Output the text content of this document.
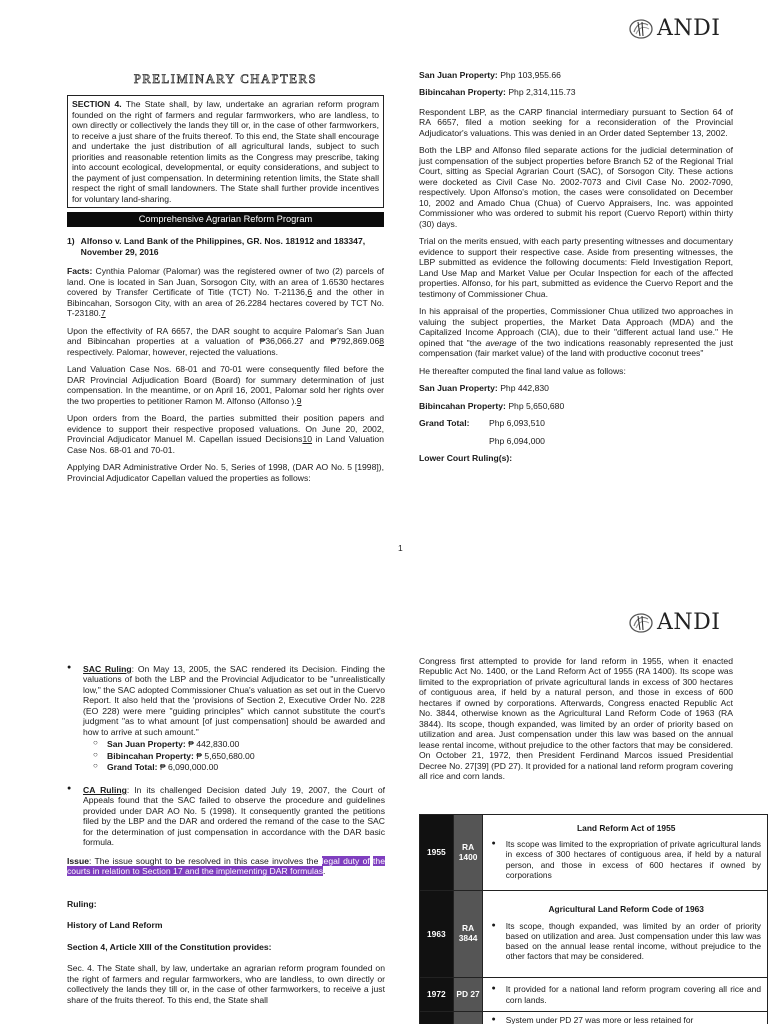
ANDI
PRELIMINARY CHAPTERS
SECTION 4. The State shall, by law, undertake an agrarian reform program founded on the right of farmers and regular farmworkers, who are landless, to own directly or collectively the lands they till or, in the case of other farmworkers, to receive a just share of the fruits thereof. To this end, the State shall encourage and undertake the just distribution of all agricultural lands, subject to such priorities and reasonable retention limits as the Congress may prescribe, taking into account ecological, developmental, or equity considerations, and subject to the payment of just compensation. In determining retention limits, the State shall respect the right of small landowners. The State shall further provide incentives for voluntary land-sharing.
Comprehensive Agrarian Reform Program
1) Alfonso v. Land Bank of the Philippines, GR. Nos. 181912 and 183347, November 29, 2016

Facts: Cynthia Palomar (Palomar) was the registered owner of two (2) parcels of land. One is located in San Juan, Sorsogon City, with an area of 1.6530 hectares covered by Transfer Certificate of Title (TCT) No. T-21136,6 and the other in Bibincahan, Sorsogon City, with an area of 26.2284 hectares covered by TCT No. T-23180.7

Upon the effectivity of RA 6657, the DAR sought to acquire Palomar's San Juan and Bibincahan properties at a valuation of ₱36,066.27 and ₱792,869.068 respectively. Palomar, however, rejected the valuations.

Land Valuation Case Nos. 68-01 and 70-01 were consequently filed before the DAR Provincial Adjudication Board (Board) for summary determination of just compensation. In the meantime, or on April 16, 2001, Palomar sold her rights over the two properties to petitioner Ramon M. Alfonso (Alfonso ).9

Upon orders from the Board, the parties submitted their position papers and evidence to support their respective proposed valuations. On June 20, 2002, Provincial Adjudicator Manuel M. Capellan issued Decisions10 in Land Valuation Case Nos. 68-01 and 70-01.

Applying DAR Administrative Order No. 5, Series of 1998, (DAR AO No. 5 [1998]), Provincial Adjudicator Capellan valued the properties as follows:

San Juan Property: Php 103,955.66

Bibincahan Property: Php 2,314,115.73

Respondent LBP, as the CARP financial intermediary pursuant to Section 64 of RA 6657, filed a motion seeking for a reconsideration of the Provincial Adjudicator's valuations. This was denied in an Order dated September 13, 2002.

Both the LBP and Alfonso filed separate actions for the judicial determination of just compensation of the subject properties before Branch 52 of the Regional Trial Court, sitting as Special Agrarian Court (SAC), of Sorsogon City. These actions were docketed as Civil Case No. 2002-7073 and Civil Case No. 2002-7090, respectively. Upon Alfonso's motion, the cases were consolidated on December 10, 2002 and Amado Chua (Chua) of Cuervo Appraisers, Inc. was appointed Commissioner who was ordered to submit his report (Cuervo Report) within thirty (30) days.

Trial on the merits ensued, with each party presenting witnesses and documentary evidence to support their respective case. Aside from presenting witnesses, the LBP submitted as evidence the following documents: Field Investigation Report, Land Use Map and Market Value per Ocular Inspection for each of the affected properties. Alfonso, for his part, submitted as evidence the Cuervo Report and the testimony of Commissioner Chua.

In his appraisal of the properties, Commissioner Chua utilized two approaches in valuing the subject properties, the Market Data Approach (MDA) and the Capitalized Income Approach (CIA), due to their "different actual land use." He opined that "the average of the two indications reasonably represented the just compensation (fair market value) of the land with productive coconut trees"

He thereafter computed the final land value as follows:

San Juan Property: Php 442,830

Bibincahan Property: Php 5,650,680

Grand Total:	Php 6,093,510
Php 6,094,000

Lower Court Ruling(s):

1
ANDI
● SAC Ruling: On May 13, 2005, the SAC rendered its Decision. Finding the valuations of both the LBP and the Provincial Adjudicator to be "unrealistically low," the SAC adopted Commissioner Chua's valuation as set out in the Cuervo Report. It also held that the 'provisions of Section 2, Executive Order No. 228 (EO 228) were mere "guiding principles" which cannot substitute the court's judgment "as to what amount [of just compensation] should be awarded and how to arrive at such amount."
○ San Juan Property: ₱ 442,830.00
○ Bibincahan Property: ₱ 5,650,680.00
○ Grand Total: ₱ 6,090,000.00
● CA Ruling: In its challenged Decision dated July 19, 2007, the Court of Appeals found that the SAC failed to observe the procedure and guidelines provided under DAR AO No. 5 (1998). It consequently granted the petitions filed by the LBP and the DAR and ordered the remand of the case to the SAC for the determination of just compensation in accordance with the DAR basic formula.

Issue: The issue sought to be resolved in this case involves the legal duty of the courts in relation to Section 17 and the implementing DAR formulas.

Ruling:

History of Land Reform

Section 4, Article XIII of the Constitution provides:

Sec. 4. The State shall, by law, undertake an agrarian reform program founded on the right of farmers and regular farmworkers, who are landless, to own directly or collectively the lands they till or, in the case of other farmworkers, to receive a just share of the fruits thereof. To this end, the State shall

Congress first attempted to provide for land reform in 1955, when it enacted Republic Act No. 1400, or the Land Reform Act of 1955 (RA 1400). Its scope was limited to the expropriation of private agricultural lands in excess of 300 hectares of contiguous area, if held by a natural person, and those in excess of 600 hectares if owned by corporations. Afterwards, Congress enacted Republic Act No. 3844, otherwise known as the Agricultural Land Reform Code of 1963 (RA 3844). Its scope, though expanded, was limited by an order of priority based on utilization and area. Just compensation under this law was based on the annual lease rental income, without prejudice to the other factors that may be considered. On October 21, 1972, then President Ferdinand Marcos issued Presidential Decree No. 27[39] (PD 27). It provided for a national land reform program covering all rice and corn lands.

1955	RA 1400	Land Reform Act of 1955
● Its scope was limited to the expropriation of private agricultural lands in excess of 300 hectares of contiguous area, if held by a natural person, and those in excess of 600 hectares if owned by corporations

1963	RA 3844	Agricultural Land Reform Code of 1963
● Its scope, though expanded, was limited by an order of priority based on utilization and area. Just compensation under this law was based on the annual lease rental income, without prejudice to the other factors that may be considered.

1972	PD 27	● It provided for a national land reform program covering all rice and corn lands.

		● System under PD 27 was more or less retained for
